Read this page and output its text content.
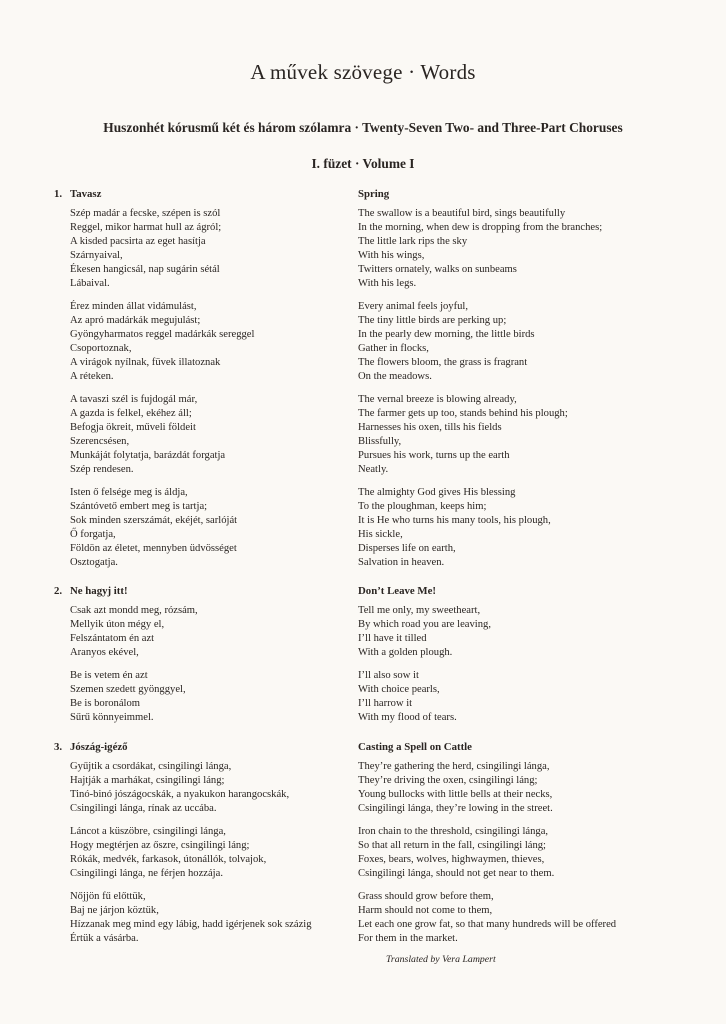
A művek szövege · Words
Huszonhét kórusmű két és három szólamra · Twenty-Seven Two- and Three-Part Choruses
I. füzet · Volume I
1. Tavasz	Spring
Szép madár a fecske, szépen is szól
Reggel, mikor harmat hull az ágról;
A kisded pacsirta az eget hasítja
Szárnyaival,
Ékesen hangicsál, nap sugárin sétál
Lábaival.
Érez minden állat vidámulást,
Az apró madárkák megujulást;
Gyöngyharmatos reggel madárkák sereggel
Csoportoznak,
A virágok nyílnak, füvek illatoznak
A réteken.
A tavaszi szél is fujdogál már,
A gazda is felkel, ekéhez áll;
Befogja ökreit, műveli földeit
Szerencsésen,
Munkáját folytatja, barázdát forgatja
Szép rendesen.
Isten ő felsége meg is áldja,
Szántóvető embert meg is tartja;
Sok minden szerszámát, ekéjét, sarlóját
Ő forgatja,
Földön az életet, mennyben üdvösséget
Osztogatja.
The swallow is a beautiful bird, sings beautifully
In the morning, when dew is dropping from the branches;
The little lark rips the sky
With his wings,
Twitters ornately, walks on sunbeams
With his legs.
Every animal feels joyful,
The tiny little birds are perking up;
In the pearly dew morning, the little birds
Gather in flocks,
The flowers bloom, the grass is fragrant
On the meadows.
The vernal breeze is blowing already,
The farmer gets up too, stands behind his plough;
Harnesses his oxen, tills his fields
Blissfully,
Pursues his work, turns up the earth
Neatly.
The almighty God gives His blessing
To the ploughman, keeps him;
It is He who turns his many tools, his plough,
His sickle,
Disperses life on earth,
Salvation in heaven.
2. Ne hagyj itt!	Don’t Leave Me!
Csak azt mondd meg, rózsám,
Mellyik úton mégy el,
Felszántatom én azt
Aranyos ekével,
Be is vetem én azt
Szemen szedett gyönggyel,
Be is boronálom
Sűrű könnyeimmel.
Tell me only, my sweetheart,
By which road you are leaving,
I’ll have it tilled
With a golden plough.
I’ll also sow it
With choice pearls,
I’ll harrow it
With my flood of tears.
3. Jószág-igéző	Casting a Spell on Cattle
Gyűjtik a csordákat, csingilingi lánga,
Hajtják a marhákat, csingilingi láng;
Tinó-binó jószágocskák, a nyakukon harangocskák,
Csingilingi lánga, rínak az uccába.
Láncot a küszöbre, csingilingi lánga,
Hogy megtérjen az őszre, csingilingi láng;
Rókák, medvék, farkasok, útonállók, tolvajok,
Csingilingi lánga, ne férjen hozzája.
Nőjjön fű előttük,
Baj ne járjon köztük,
Hízzanak meg mind egy lábig, hadd igérjenek sok százig
Értük a vásárba.
They’re gathering the herd, csingilingi lánga,
They’re driving the oxen, csingilingi láng;
Young bullocks with little bells at their necks,
Csingilingi lánga, they’re lowing in the street.
Iron chain to the threshold, csingilingi lánga,
So that all return in the fall, csingilingi láng;
Foxes, bears, wolves, highwaymen, thieves,
Csingilingi lánga, should not get near to them.
Grass should grow before them,
Harm should not come to them,
Let each one grow fat, so that many hundreds will be offered
For them in the market.
Translated by Vera Lampert
